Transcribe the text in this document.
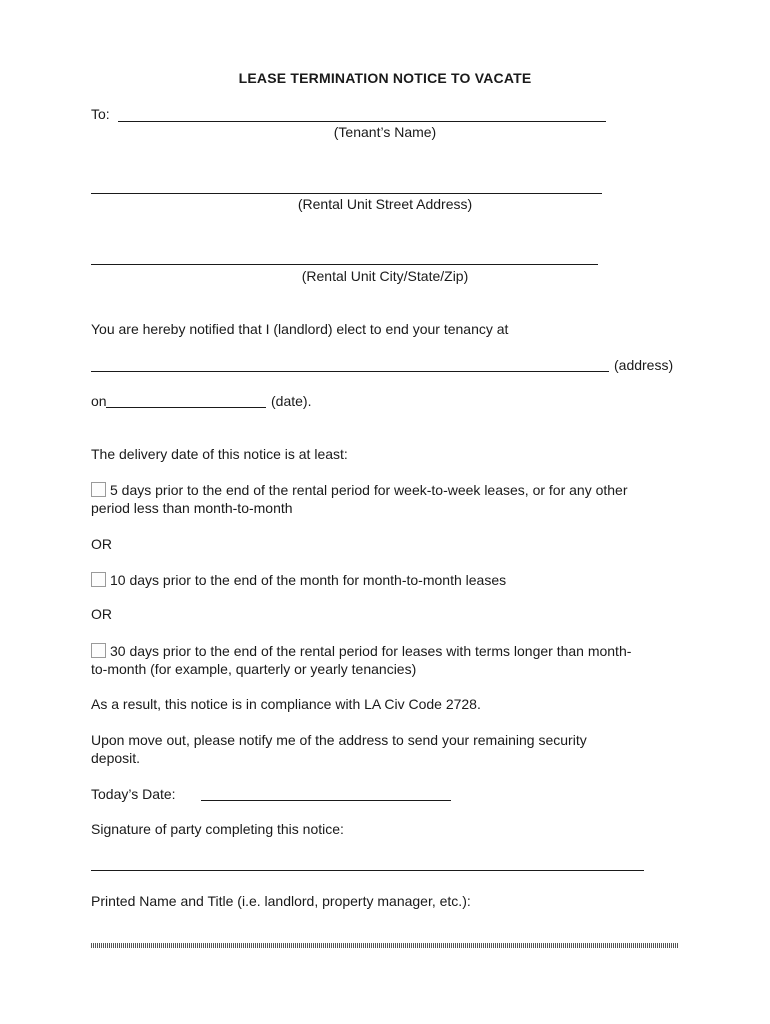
LEASE TERMINATION NOTICE TO VACATE
To:
(Tenant’s Name)
(Rental Unit Street Address)
(Rental Unit City/State/Zip)
You are hereby notified that I (landlord) elect to end your tenancy at
(address)
on	(date).
The delivery date of this notice is at least:
5 days prior to the end of the rental period for week-to-week leases, or for any other
period less than month-to-month
OR
10 days prior to the end of the month for month-to-month leases
OR
30 days prior to the end of the rental period for leases with terms longer than month-
to-month (for example, quarterly or yearly tenancies)
As a result, this notice is in compliance with LA Civ Code 2728.
Upon move out, please notify me of the address to send your remaining security
deposit.
Today’s Date:
Signature of party completing this notice:
Printed Name and Title (i.e. landlord, property manager, etc.):
